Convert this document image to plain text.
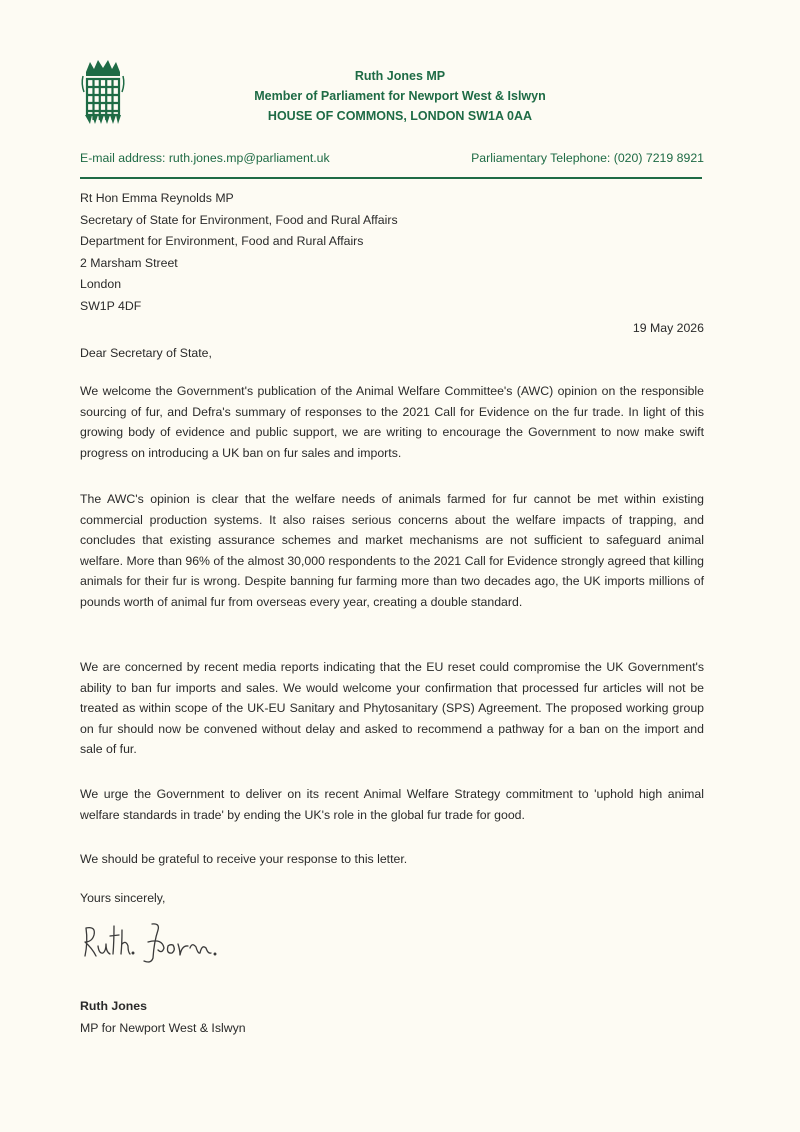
Ruth Jones MP
Member of Parliament for Newport West & Islwyn
HOUSE OF COMMONS, LONDON SW1A 0AA
E-mail address: ruth.jones.mp@parliament.uk	Parliamentary Telephone: (020) 7219 8921
Rt Hon Emma Reynolds MP
Secretary of State for Environment, Food and Rural Affairs
Department for Environment, Food and Rural Affairs
2 Marsham Street
London
SW1P 4DF
19 May 2026
Dear Secretary of State,

We welcome the Government's publication of the Animal Welfare Committee's (AWC) opinion on the responsible sourcing of fur, and Defra's summary of responses to the 2021 Call for Evidence on the fur trade. In light of this growing body of evidence and public support, we are writing to encourage the Government to now make swift progress on introducing a UK ban on fur sales and imports.

The AWC's opinion is clear that the welfare needs of animals farmed for fur cannot be met within existing commercial production systems. It also raises serious concerns about the welfare impacts of trapping, and concludes that existing assurance schemes and market mechanisms are not sufficient to safeguard animal welfare. More than 96% of the almost 30,000 respondents to the 2021 Call for Evidence strongly agreed that killing animals for their fur is wrong. Despite banning fur farming more than two decades ago, the UK imports millions of pounds worth of animal fur from overseas every year, creating a double standard.

We are concerned by recent media reports indicating that the EU reset could compromise the UK Government's ability to ban fur imports and sales. We would welcome your confirmation that processed fur articles will not be treated as within scope of the UK-EU Sanitary and Phytosanitary (SPS) Agreement. The proposed working group on fur should now be convened without delay and asked to recommend a pathway for a ban on the import and sale of fur.

We urge the Government to deliver on its recent Animal Welfare Strategy commitment to 'uphold high animal welfare standards in trade' by ending the UK's role in the global fur trade for good.

We should be grateful to receive your response to this letter.

Yours sincerely,
Ruth Jones
MP for Newport West & Islwyn
